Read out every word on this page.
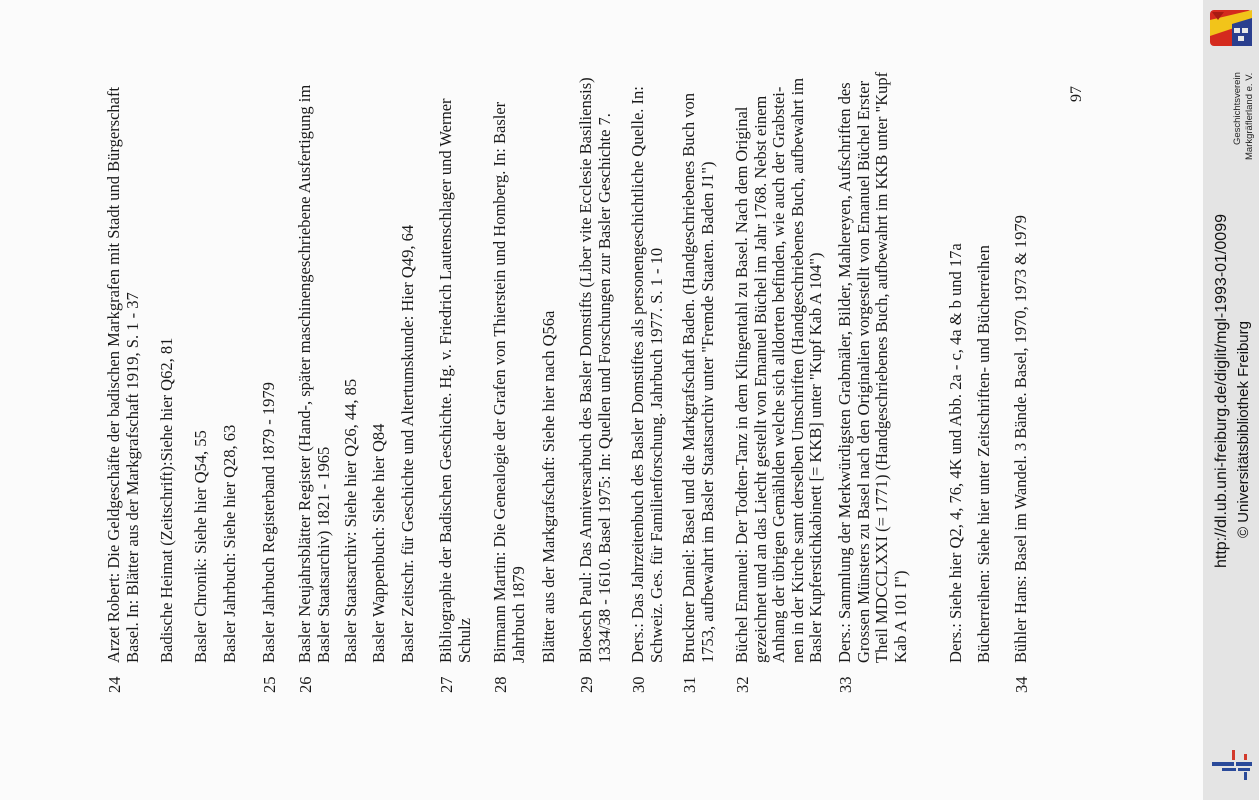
24
Arzet Robert: Die Geldgeschäfte der badischen Markgrafen mit Stadt und Bürgerschaft Basel. In: Blätter aus der Markgrafschaft 1919, S. 1 - 37 Badische Heimat (Zeitschrift):Siehe hier Q62, 81 Basler Chronik: Siehe hier Q54, 55 Basler Jahrbuch: Siehe hier Q28, 63
25
Basler Jahrbuch Registerband 1879 - 1979
26
Basler Neujahrsblätter Register (Hand-, später maschinengeschriebene Ausfertigung im Basler Staatsarchiv) 1821 - 1965 Basler Staatsarchiv: Siehe hier Q26, 44, 85 Basler Wappenbuch: Siehe hier Q84 Basler Zeitschr. für Geschichte und Altertumskunde: Hier Q49, 64
27
Bibliographie der Badischen Geschichte. Hg. v. Friedrich Lautenschlager und Werner Schulz
28
Birmann Martin: Die Genealogie der Grafen von Thierstein und Homberg. In: Basler Jahrbuch 1879 Blätter aus der Markgrafschaft: Siehe hier nach Q56a
29
Bloesch Paul: Das Anniversarbuch des Basler Domstifts (Liber vite Ecclesie Basiliensis) 1334/38 - 1610. Basel 1975: In: Quellen und Forschungen zur Basler Geschichte 7.
30
Ders.: Das Jahrzeitenbuch des Basler Domstiftes als personengeschichtliche Quelle. In: Schweiz. Ges. für Familienforschung. Jahrbuch 1977. S. 1 - 10
31
Bruckner Daniel: Basel und die Markgrafschaft Baden. (Handgeschriebenes Buch von 1753, aufbewahrt im Basler Staatsarchiv unter "Fremde Staaten. Baden J1")
32
Büchel Emanuel: Der Todten-Tanz in dem Klingentahl zu Basel. Nach dem Original gezeichnet und an das Liecht gestellt von Emanuel Büchel im Jahr 1768. Nebst einem Anhang der übrigen Gemählden welche sich alldorten befinden, wie auch der Grabstei- nen in der Kirche samt derselben Umschriften (Handgeschriebenes Buch, aufbewahrt im Basler Kupferstichkabinett [= KKB] unter "Kupf Kab A 104")
33
Ders.: Sammlung der Merkwürdigsten Grabmäler, Bilder, Mahlereyen, Aufschriften des Grossen Münsters zu Basel nach den Originalien vorgestellt von Emanuel Büchel Erster Theil MDCCLXXI (= 1771) (Handgeschriebenes Buch, aufbewahrt im KKB unter "Kupf Kab A 101 I") Ders.: Siehe hier Q2, 4, 76, 4K und Abb. 2a - c, 4a & b und 17a Bücherreihen: Siehe hier unter Zeitschriften- und Bücherreihen
34
Bühler Hans: Basel im Wandel. 3 Bände. Basel, 1970, 1973 & 1979
97
http://dl.ub.uni-freiburg.de/diglit/mgl-1993-01/0099 © Universitätsbibliothek Freiburg
Geschichtsverein Markgräflerland e. V.
